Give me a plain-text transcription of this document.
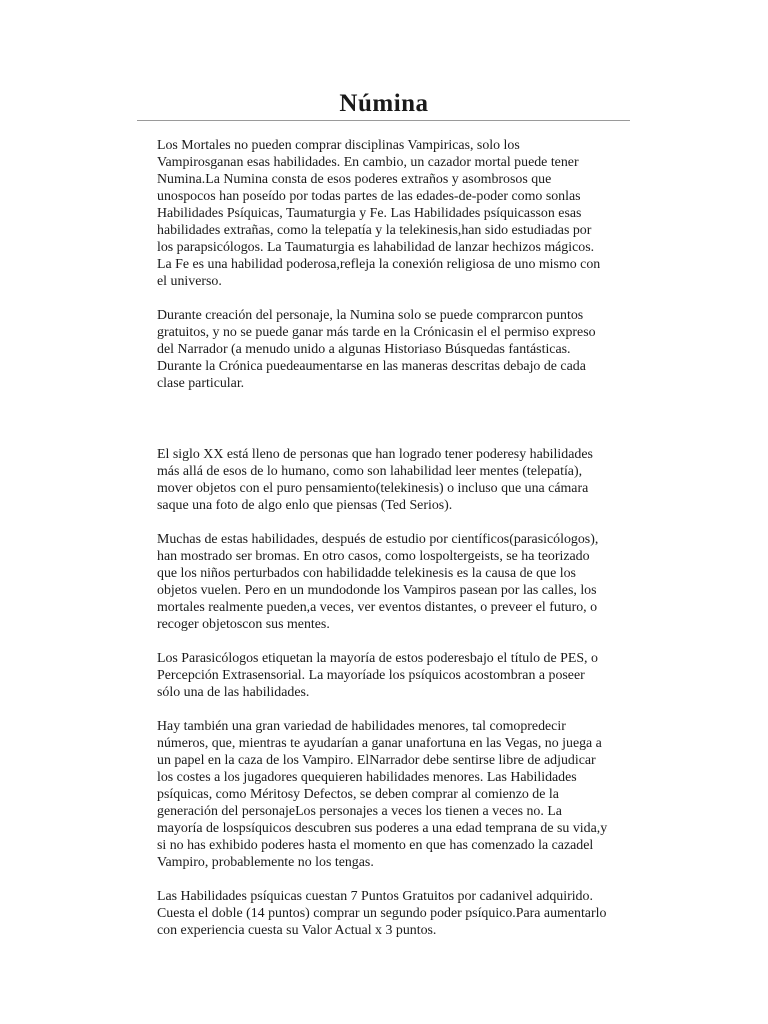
Númina

Los Mortales no pueden comprar disciplinas Vampiricas, solo los
Vampirosganan esas habilidades. En cambio, un cazador mortal puede tener
Numina.La Numina consta de esos poderes extraños y asombrosos que
unospocos han poseído por todas partes de las edades-de-poder como sonlas
Habilidades Psíquicas, Taumaturgia y Fe. Las Habilidades psíquicasson esas
habilidades extrañas, como la telepatía y la telekinesis,han sido estudiadas por
los parapsicólogos. La Taumaturgia es lahabilidad de lanzar hechizos mágicos.
La Fe es una habilidad poderosa,refleja la conexión religiosa de uno mismo con
el universo.

Durante creación del personaje, la Numina solo se puede comprarcon puntos
gratuitos, y no se puede ganar más tarde en la Crónicasin el el permiso expreso
del Narrador (a menudo unido a algunas Historiaso Búsquedas fantásticas.
Durante la Crónica puedeaumentarse en las maneras descritas debajo de cada
clase particular.

El siglo XX está lleno de personas que han logrado tener poderesy habilidades
más allá de esos de lo humano, como son lahabilidad leer mentes (telepatía),
mover objetos con el puro pensamiento(telekinesis) o incluso que una cámara
saque una foto de algo enlo que piensas (Ted Serios).

Muchas de estas habilidades, después de estudio por científicos(parasicólogos),
han mostrado ser bromas. En otro casos, como lospoltergeists, se ha teorizado
que los niños perturbados con habilidadde telekinesis es la causa de que los
objetos vuelen. Pero en un mundodonde los Vampiros pasean por las calles, los
mortales realmente pueden,a veces, ver eventos distantes, o preveer el futuro, o
recoger objetoscon sus mentes.

Los Parasicólogos etiquetan la mayoría de estos poderesbajo el título de PES, o
Percepción Extrasensorial. La mayoríade los psíquicos acostombran a poseer
sólo una de las habilidades.

Hay también una gran variedad de habilidades menores, tal comopredecir
números, que, mientras te ayudarían a ganar unafortuna en las Vegas, no juega a
un papel en la caza de los Vampiro. ElNarrador debe sentirse libre de adjudicar
los costes a los jugadores quequieren habilidades menores. Las Habilidades
psíquicas, como Méritosy Defectos, se deben comprar al comienzo de la
generación del personajeLos personajes a veces los tienen a veces no. La
mayoría de lospsíquicos descubren sus poderes a una edad temprana de su vida,y
si no has exhibido poderes hasta el momento en que has comenzado la cazadel
Vampiro, probablemente no los tengas.

Las Habilidades psíquicas cuestan 7 Puntos Gratuitos por cadanivel adquirido.
Cuesta el doble (14 puntos) comprar un segundo poder psíquico.Para aumentarlo
con experiencia cuesta su Valor Actual x 3 puntos.
